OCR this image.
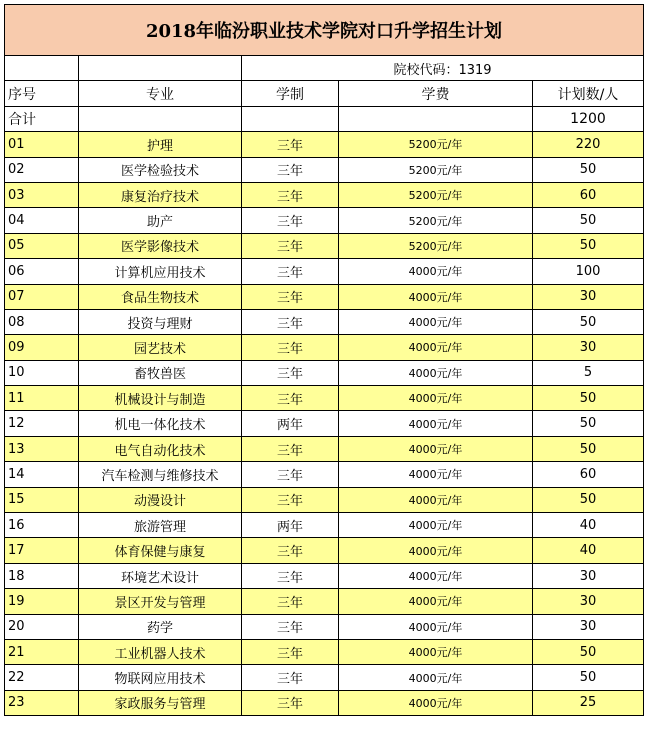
2018年临汾职业技术学院对口升学招生计划				
		院校代码：1319		
序号	专业	学制	学费	计划数/人
合计				1200
01	护理	三年	5200元/年	220
02	医学检验技术	三年	5200元/年	50
03	康复治疗技术	三年	5200元/年	60
04	助产	三年	5200元/年	50
05	医学影像技术	三年	5200元/年	50
06	计算机应用技术	三年	4000元/年	100
07	食品生物技术	三年	4000元/年	30
08	投资与理财	三年	4000元/年	50
09	园艺技术	三年	4000元/年	30
10	畜牧兽医	三年	4000元/年	5
11	机械设计与制造	三年	4000元/年	50
12	机电一体化技术	两年	4000元/年	50
13	电气自动化技术	三年	4000元/年	50
14	汽车检测与维修技术	三年	4000元/年	60
15	动漫设计	三年	4000元/年	50
16	旅游管理	两年	4000元/年	40
17	体育保健与康复	三年	4000元/年	40
18	环境艺术设计	三年	4000元/年	30
19	景区开发与管理	三年	4000元/年	30
20	药学	三年	4000元/年	30
21	工业机器人技术	三年	4000元/年	50
22	物联网应用技术	三年	4000元/年	50
23	家政服务与管理	三年	4000元/年	25
